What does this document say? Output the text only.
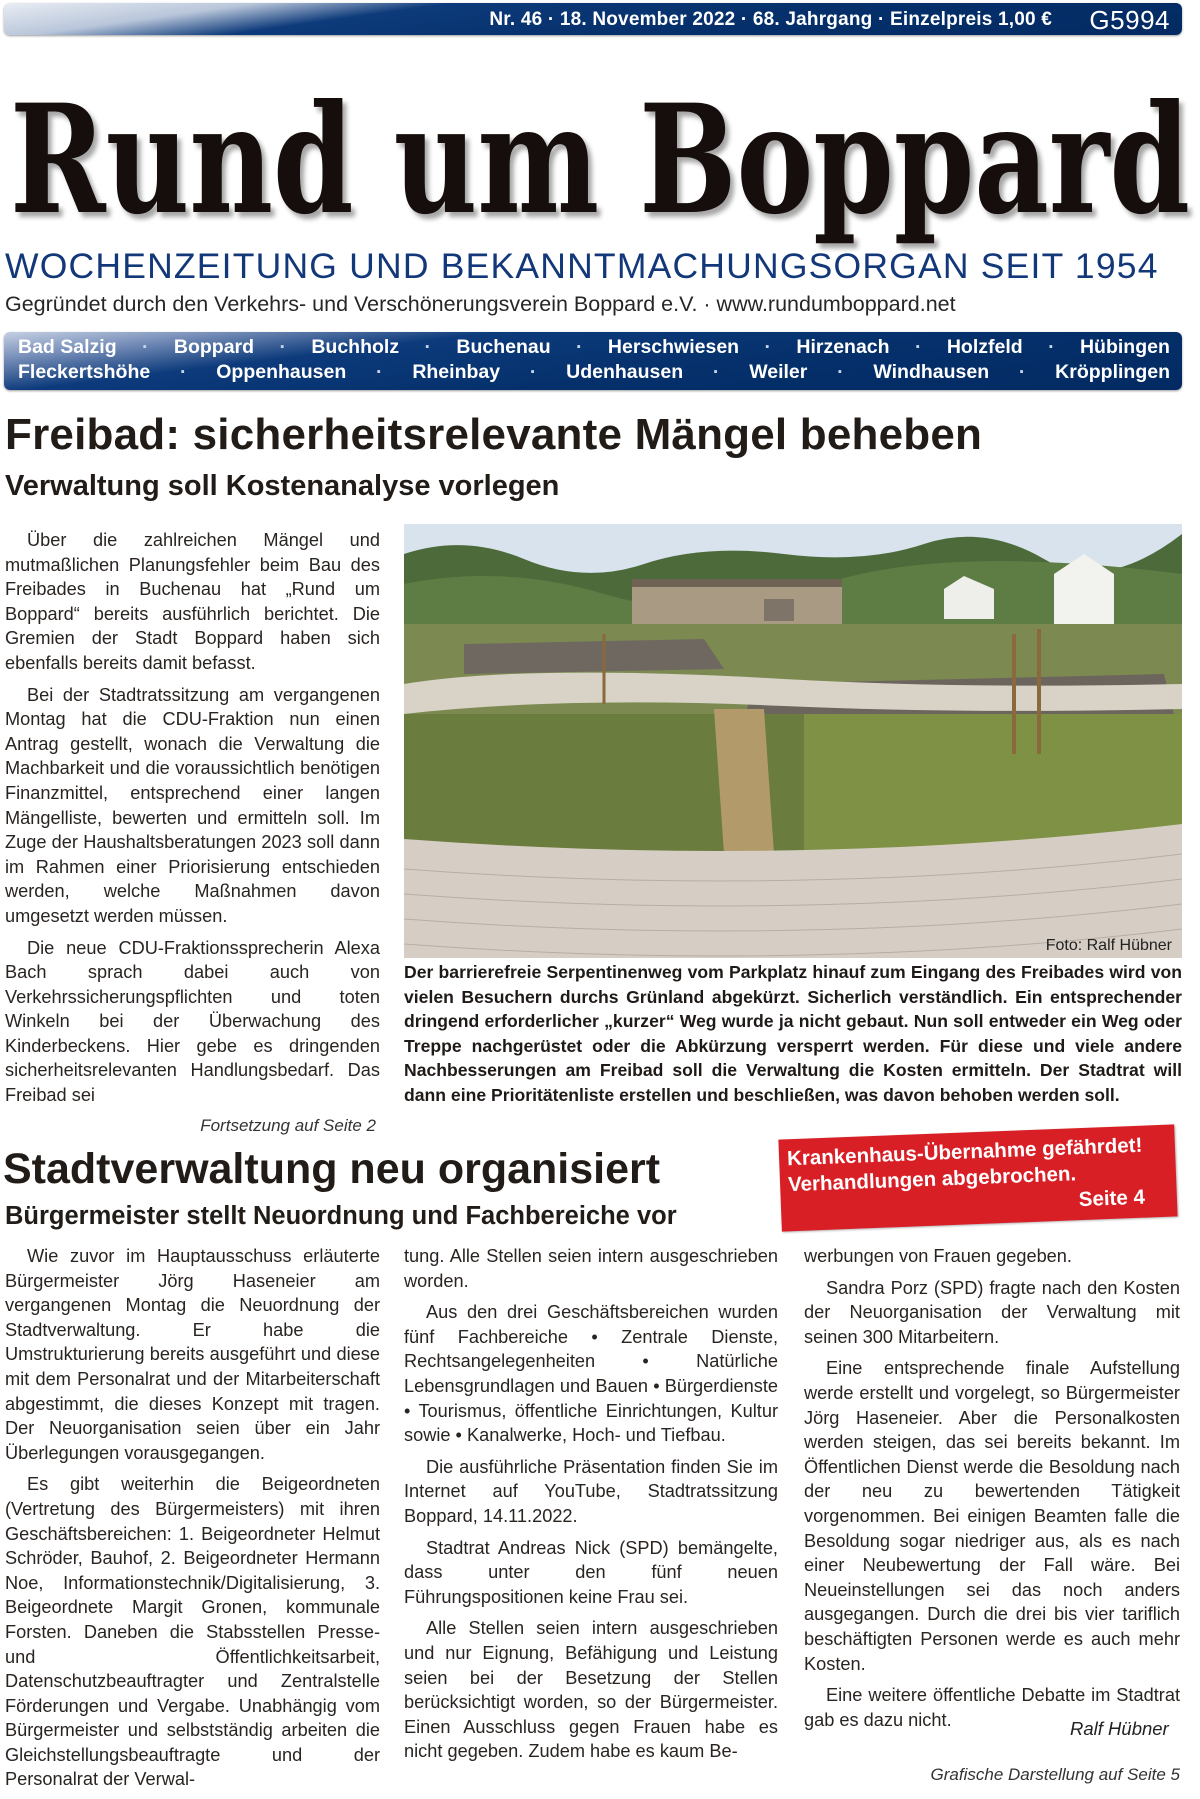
Nr. 46 · 18. November 2022 · 68. Jahrgang · Einzelpreis 1,00 € G5994
Rund um Boppard
WOCHENZEITUNG UND BEKANNTMACHUNGSORGAN SEIT 1954
Gegründet durch den Verkehrs- und Verschönerungsverein Boppard e.V. · www.rundumboppard.net
Bad Salzig · Boppard · Buchholz · Buchenau · Herschwiesen · Hirzenach · Holzfeld · Hübingen
Fleckertshöhe · Oppenhausen · Rheinbay · Udenhausen · Weiler · Windhausen · Kröpplingen
Freibad: sicherheitsrelevante Mängel beheben
Verwaltung soll Kostenanalyse vorlegen

Über die zahlreichen Mängel und mutmaßlichen Planungsfehler beim Bau des Freibades in Buchenau hat „Rund um Boppard“ bereits ausführlich berichtet. Die Gremien der Stadt Boppard haben sich ebenfalls bereits damit befasst.

Bei der Stadtratssitzung am vergangenen Montag hat die CDU-Fraktion nun einen Antrag gestellt, wonach die Verwaltung die Machbarkeit und die voraussichtlich benötigen Finanzmittel, entsprechend einer langen Mängelliste, bewerten und ermitteln soll. Im Zuge der Haushaltsberatungen 2023 soll dann im Rahmen einer Priorisierung entschieden werden, welche Maßnahmen davon umgesetzt werden müssen.

Die neue CDU-Fraktionssprecherin Alexa Bach sprach dabei auch von Verkehrssicherungspflichten und toten Winkeln bei der Überwachung des Kinderbeckens. Hier gebe es dringenden sicherheitsrelevanten Handlungsbedarf. Das Freibad sei

Fortsetzung auf Seite 2
Foto: Ralf Hübner
Der barrierefreie Serpentinenweg vom Parkplatz hinauf zum Eingang des Freibades wird von vielen Besuchern durchs Grünland abgekürzt. Sicherlich verständlich. Ein entsprechender dringend erforderlicher „kurzer“ Weg wurde ja nicht gebaut. Nun soll entweder ein Weg oder Treppe nachgerüstet oder die Abkürzung versperrt werden. Für diese und viele andere Nachbesserungen am Freibad soll die Verwaltung die Kosten ermitteln. Der Stadtrat will dann eine Prioritätenliste erstellen und beschließen, was davon behoben werden soll.
Krankenhaus-Übernahme gefährdet!
Verhandlungen abgebrochen.
Seite 4
Stadtverwaltung neu organisiert
Bürgermeister stellt Neuordnung und Fachbereiche vor

Wie zuvor im Hauptausschuss erläuterte Bürgermeister Jörg Haseneier am vergangenen Montag die Neuordnung der Stadtverwaltung. Er habe die Umstrukturierung bereits ausgeführt und diese mit dem Personalrat und der Mitarbeiterschaft abgestimmt, die dieses Konzept mit tragen. Der Neuorganisation seien über ein Jahr Überlegungen vorausgegangen.

Es gibt weiterhin die Beigeordneten (Vertretung des Bürgermeisters) mit ihren Geschäftsbereichen: 1. Beigeordneter Helmut Schröder, Bauhof, 2. Beigeordneter Hermann Noe, Informationstechnik/Digitalisierung, 3. Beigeordnete Margit Gronen, kommunale Forsten. Daneben die Stabsstellen Presse- und Öffentlichkeitsarbeit, Datenschutzbeauftragter und Zentralstelle Förderungen und Vergabe. Unabhängig vom Bürgermeister und selbstständig arbeiten die Gleichstellungsbeauftragte und der Personalrat der Verwal-

tung. Alle Stellen seien intern ausgeschrieben worden.

Aus den drei Geschäftsbereichen wurden fünf Fachbereiche • Zentrale Dienste, Rechtsangelegenheiten • Natürliche Lebensgrundlagen und Bauen • Bürgerdienste • Tourismus, öffentliche Einrichtungen, Kultur sowie • Kanalwerke, Hoch- und Tiefbau.

Die ausführliche Präsentation finden Sie im Internet auf YouTube, Stadtratssitzung Boppard, 14.11.2022.

Stadtrat Andreas Nick (SPD) bemängelte, dass unter den fünf neuen Führungspositionen keine Frau sei.

Alle Stellen seien intern ausgeschrieben und nur Eignung, Befähigung und Leistung seien bei der Besetzung der Stellen berücksichtigt worden, so der Bürgermeister. Einen Ausschluss gegen Frauen habe es nicht gegeben. Zudem habe es kaum Be-

werbungen von Frauen gegeben.

Sandra Porz (SPD) fragte nach den Kosten der Neuorganisation der Verwaltung mit seinen 300 Mitarbeitern.

Eine entsprechende finale Aufstellung werde erstellt und vorgelegt, so Bürgermeister Jörg Haseneier. Aber die Personalkosten werden steigen, das sei bereits bekannt. Im Öffentlichen Dienst werde die Besoldung nach der neu zu bewertenden Tätigkeit vorgenommen. Bei einigen Beamten falle die Besoldung sogar niedriger aus, als es nach einer Neubewertung der Fall wäre. Bei Neueinstellungen sei das noch anders ausgegangen. Durch die drei bis vier tariflich beschäftigten Personen werde es auch mehr Kosten.

Eine weitere öffentliche Debatte im Stadtrat gab es dazu nicht.	Ralf Hübner
Grafische Darstellung auf Seite 5
